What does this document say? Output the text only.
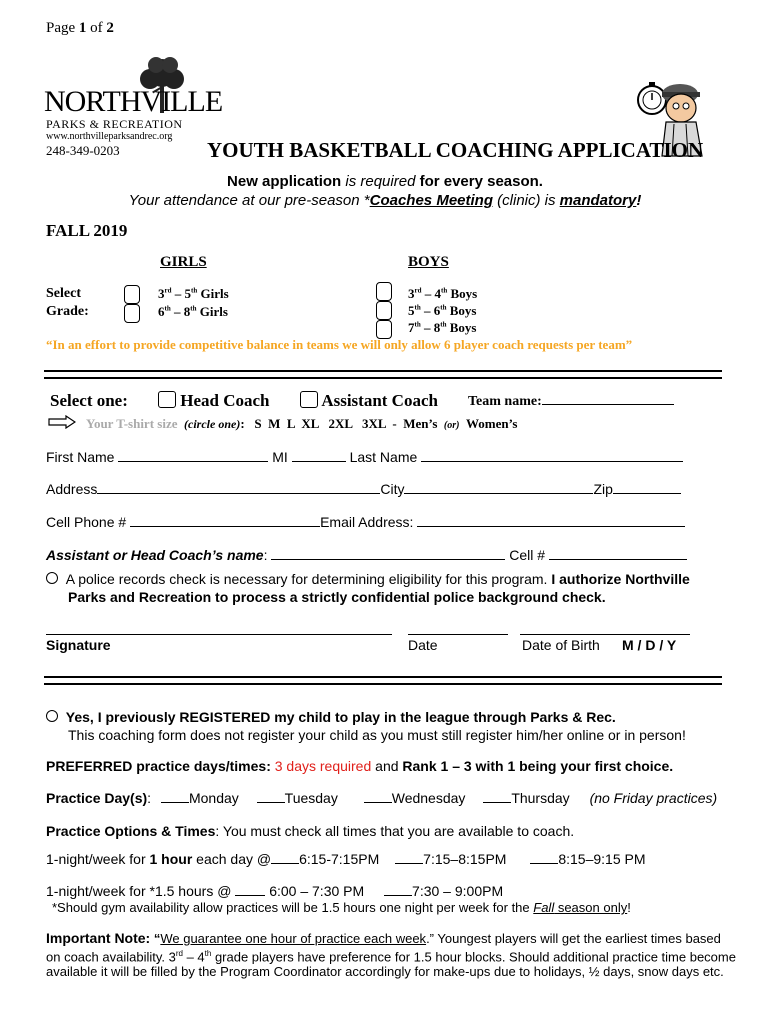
Page 1 of 2
NORTHVILLE
PARKS & RECREATION
www.northvilleparksandrec.org
248-349-0203	YOUTH BASKETBALL COACHING APPLICATION
New application is required for every season.
Your attendance at our pre-season *Coaches Meeting (clinic) is mandatory!
FALL 2019
GIRLS	BOYS
Select
Grade:
3rd – 5th Girls
6th – 8th Girls
3rd – 4th Boys
5th – 6th Boys
7th – 8th Boys
“In an effort to provide competitive balance in teams we will only allow 6 player coach requests per team”
Select one:	Head Coach	Assistant Coach Team name:
Your T-shirt size (circle one): S  M  L  XL   2XL   3XL  -  Men’s (or) Women’s
First Name	MI	Last Name
Address	City	Zip
Cell Phone #	Email Address:
Assistant or Head Coach’s name:	Cell #
A police records check is necessary for determining eligibility for this program. I authorize Northville
Parks and Recreation to process a strictly confidential police background check.
Signature	Date	Date of Birth M / D / Y
Yes, I previously REGISTERED my child to play in the league through Parks & Rec.
This coaching form does not register your child as you must still register him/her online or in person!
PREFERRED practice days/times: 3 days required and Rank 1 – 3 with 1 being your first choice.
Practice Day(s):	Monday	Tuesday	Wednesday	Thursday (no Friday practices)
Practice Options & Times: You must check all times that you are available to coach.
1-night/week for 1 hour each day @ 6:15-7:15PM	7:15–8:15PM	8:15–9:15 PM
1-night/week for *1.5 hours @  6:00 – 7:30 PM	7:30 – 9:00PM
*Should gym availability allow practices will be 1.5 hours one night per week for the Fall season only!
Important Note: “We guarantee one hour of practice each week.” Youngest players will get the earliest times based
on coach availability. 3rd – 4th grade players have preference for 1.5 hour blocks. Should additional practice time become
available it will be filled by the Program Coordinator accordingly for make-ups due to holidays, ½ days, snow days etc.
